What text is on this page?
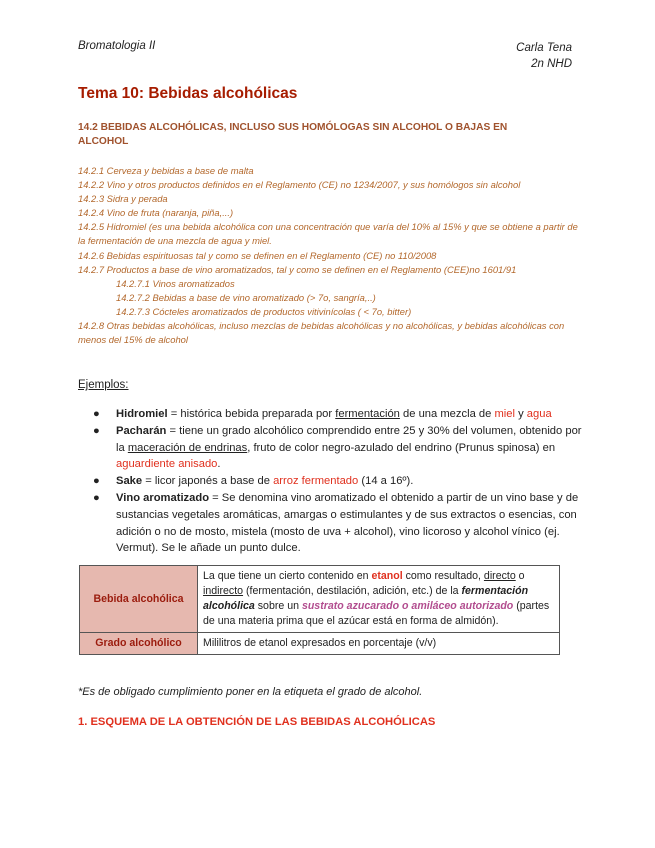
Bromatologia II	Carla Tena
2n NHD
Tema 10: Bebidas alcohólicas
14.2 BEBIDAS ALCOHÓLICAS, INCLUSO SUS HOMÓLOGAS SIN ALCOHOL O BAJAS EN ALCOHOL
14.2.1 Cerveza y bebidas a base de malta
14.2.2 Vino y otros productos definidos en el Reglamento (CE) no 1234/2007, y sus homólogos sin alcohol
14.2.3 Sidra y perada
14.2.4 Vino de fruta (naranja, piña,...)
14.2.5 Hidromiel (es una bebida alcohólica con una concentración que varía del 10% al 15% y que se obtiene a partir de la fermentación de una mezcla de agua y miel.
14.2.6 Bebidas espirituosas tal y como se definen en el Reglamento (CE) no 110/2008
14.2.7 Productos a base de vino aromatizados, tal y como se definen en el Reglamento (CEE)no 1601/91
14.2.7.1 Vinos aromatizados
14.2.7.2 Bebidas a base de vino aromatizado (> 7o, sangría,..)
14.2.7.3 Cócteles aromatizados de productos vitivinícolas ( < 7o, bitter)
14.2.8 Otras bebidas alcohólicas, incluso mezclas de bebidas alcohólicas y no alcohólicas, y bebidas alcohólicas con menos del 15% de alcohol
Ejemplos:
● Hidromiel = histórica bebida preparada por fermentación de una mezcla de miel y agua
● Pacharán = tiene un grado alcohólico comprendido entre 25 y 30% del volumen, obtenido por la maceración de endrinas, fruto de color negro-azulado del endrino (Prunus spinosa) en aguardiente anisado.
● Sake = licor japonés a base de arroz fermentado (14 a 16º).
● Vino aromatizado = Se denomina vino aromatizado el obtenido a partir de un vino base y de sustancias vegetales aromáticas, amargas o estimulantes y de sus extractos o esencias, con adición o no de mosto, mistela (mosto de uva + alcohol), vino licoroso y alcohol vínico (ej. Vermut). Se le añade un punto dulce.
Bebida alcohólica	La que tiene un cierto contenido en etanol como resultado, directo o indirecto (fermentación, destilación, adición, etc.) de la fermentación alcohólica sobre un sustrato azucarado o amiláceo autorizado (partes de una materia prima que el azúcar está en forma de almidón).
Grado alcohólico	Mililitros de etanol expresados en porcentaje (v/v)
*Es de obligado cumplimiento poner en la etiqueta el grado de alcohol.
1. ESQUEMA DE LA OBTENCIÓN DE LAS BEBIDAS ALCOHÓLICAS
